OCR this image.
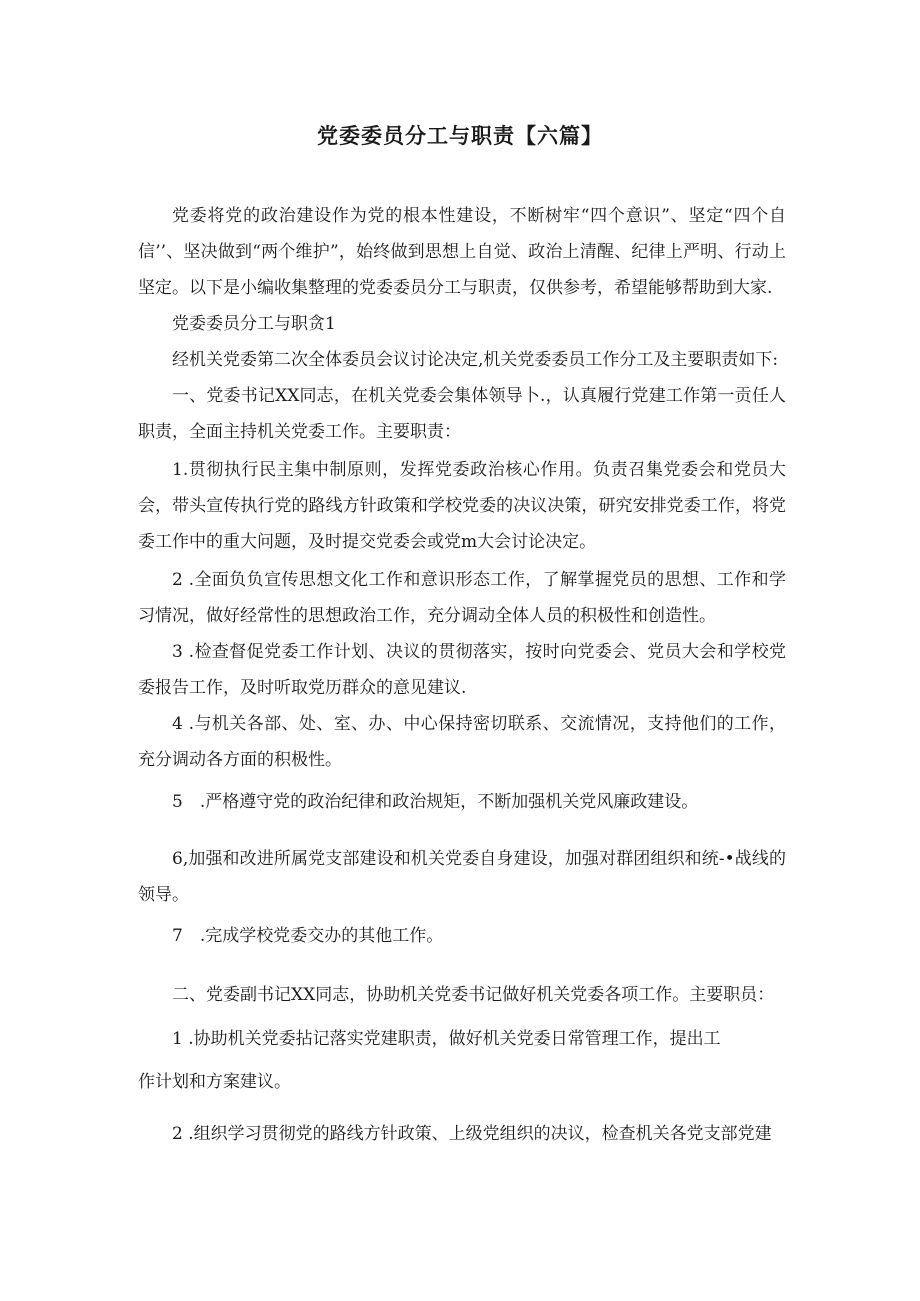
党委委员分工与职责【六篇】
党委将党的政治建设作为党的根本性建设，不断树牢“四个意识”、坚定“四个自信’’、坚决做到“两个维护”，始终做到思想上自觉、政治上清醒、纪律上严明、行动上坚定。以下是小编收集整理的党委委员分工与职责，仅供参考，希望能够帮助到大家.
党委委员分工与职贪1
经机关党委第二次全体委员会议讨论决定,机关党委委员工作分工及主要职责如下:
一、党委书记XX同志，在机关党委会集体领导卜.，认真履行党建工作第一贡任人职责，全面主持机关党委工作。主要职责：
1.贯彻执行民主集中制原则，发挥党委政治核心作用。负责召集党委会和党员大会，带头宣传执行党的路线方针政策和学校党委的决议决策，研究安排党委工作，将党委工作中的重大问题，及时提交党委会或党m大会讨论决定。
2 .全面负负宣传思想文化工作和意识形态工作，了解掌握党员的思想、工作和学习情况，做好经常性的思想政治工作，充分调动全体人员的积极性和创造性。
3 .检查督促党委工作计划、决议的贯彻落实，按时向党委会、党员大会和学校党委报告工作，及时听取党历群众的意见建议.
4 .与机关各部、处、室、办、中心保持密切联系、交流情况，支持他们的工作，充分调动各方面的积极性。
5　.严格遵守党的政治纪律和政治规矩，不断加强机关党风廉政建设。
6,加强和改进所属党支部建设和机关党委自身建设，加强对群团组织和统-•战线的领导。
7　.完成学校党委交办的其他工作。
二、党委副书记XX同志，协助机关党委书记做好机关党委各项工作。主要职员：
1 .协助机关党委拈记落实党建职责，做好机关党委日常管理工作，提出工
作计划和方案建议。
2 .组织学习贯彻党的路线方针政策、上级党组织的决议，检查机关各党支部党建
